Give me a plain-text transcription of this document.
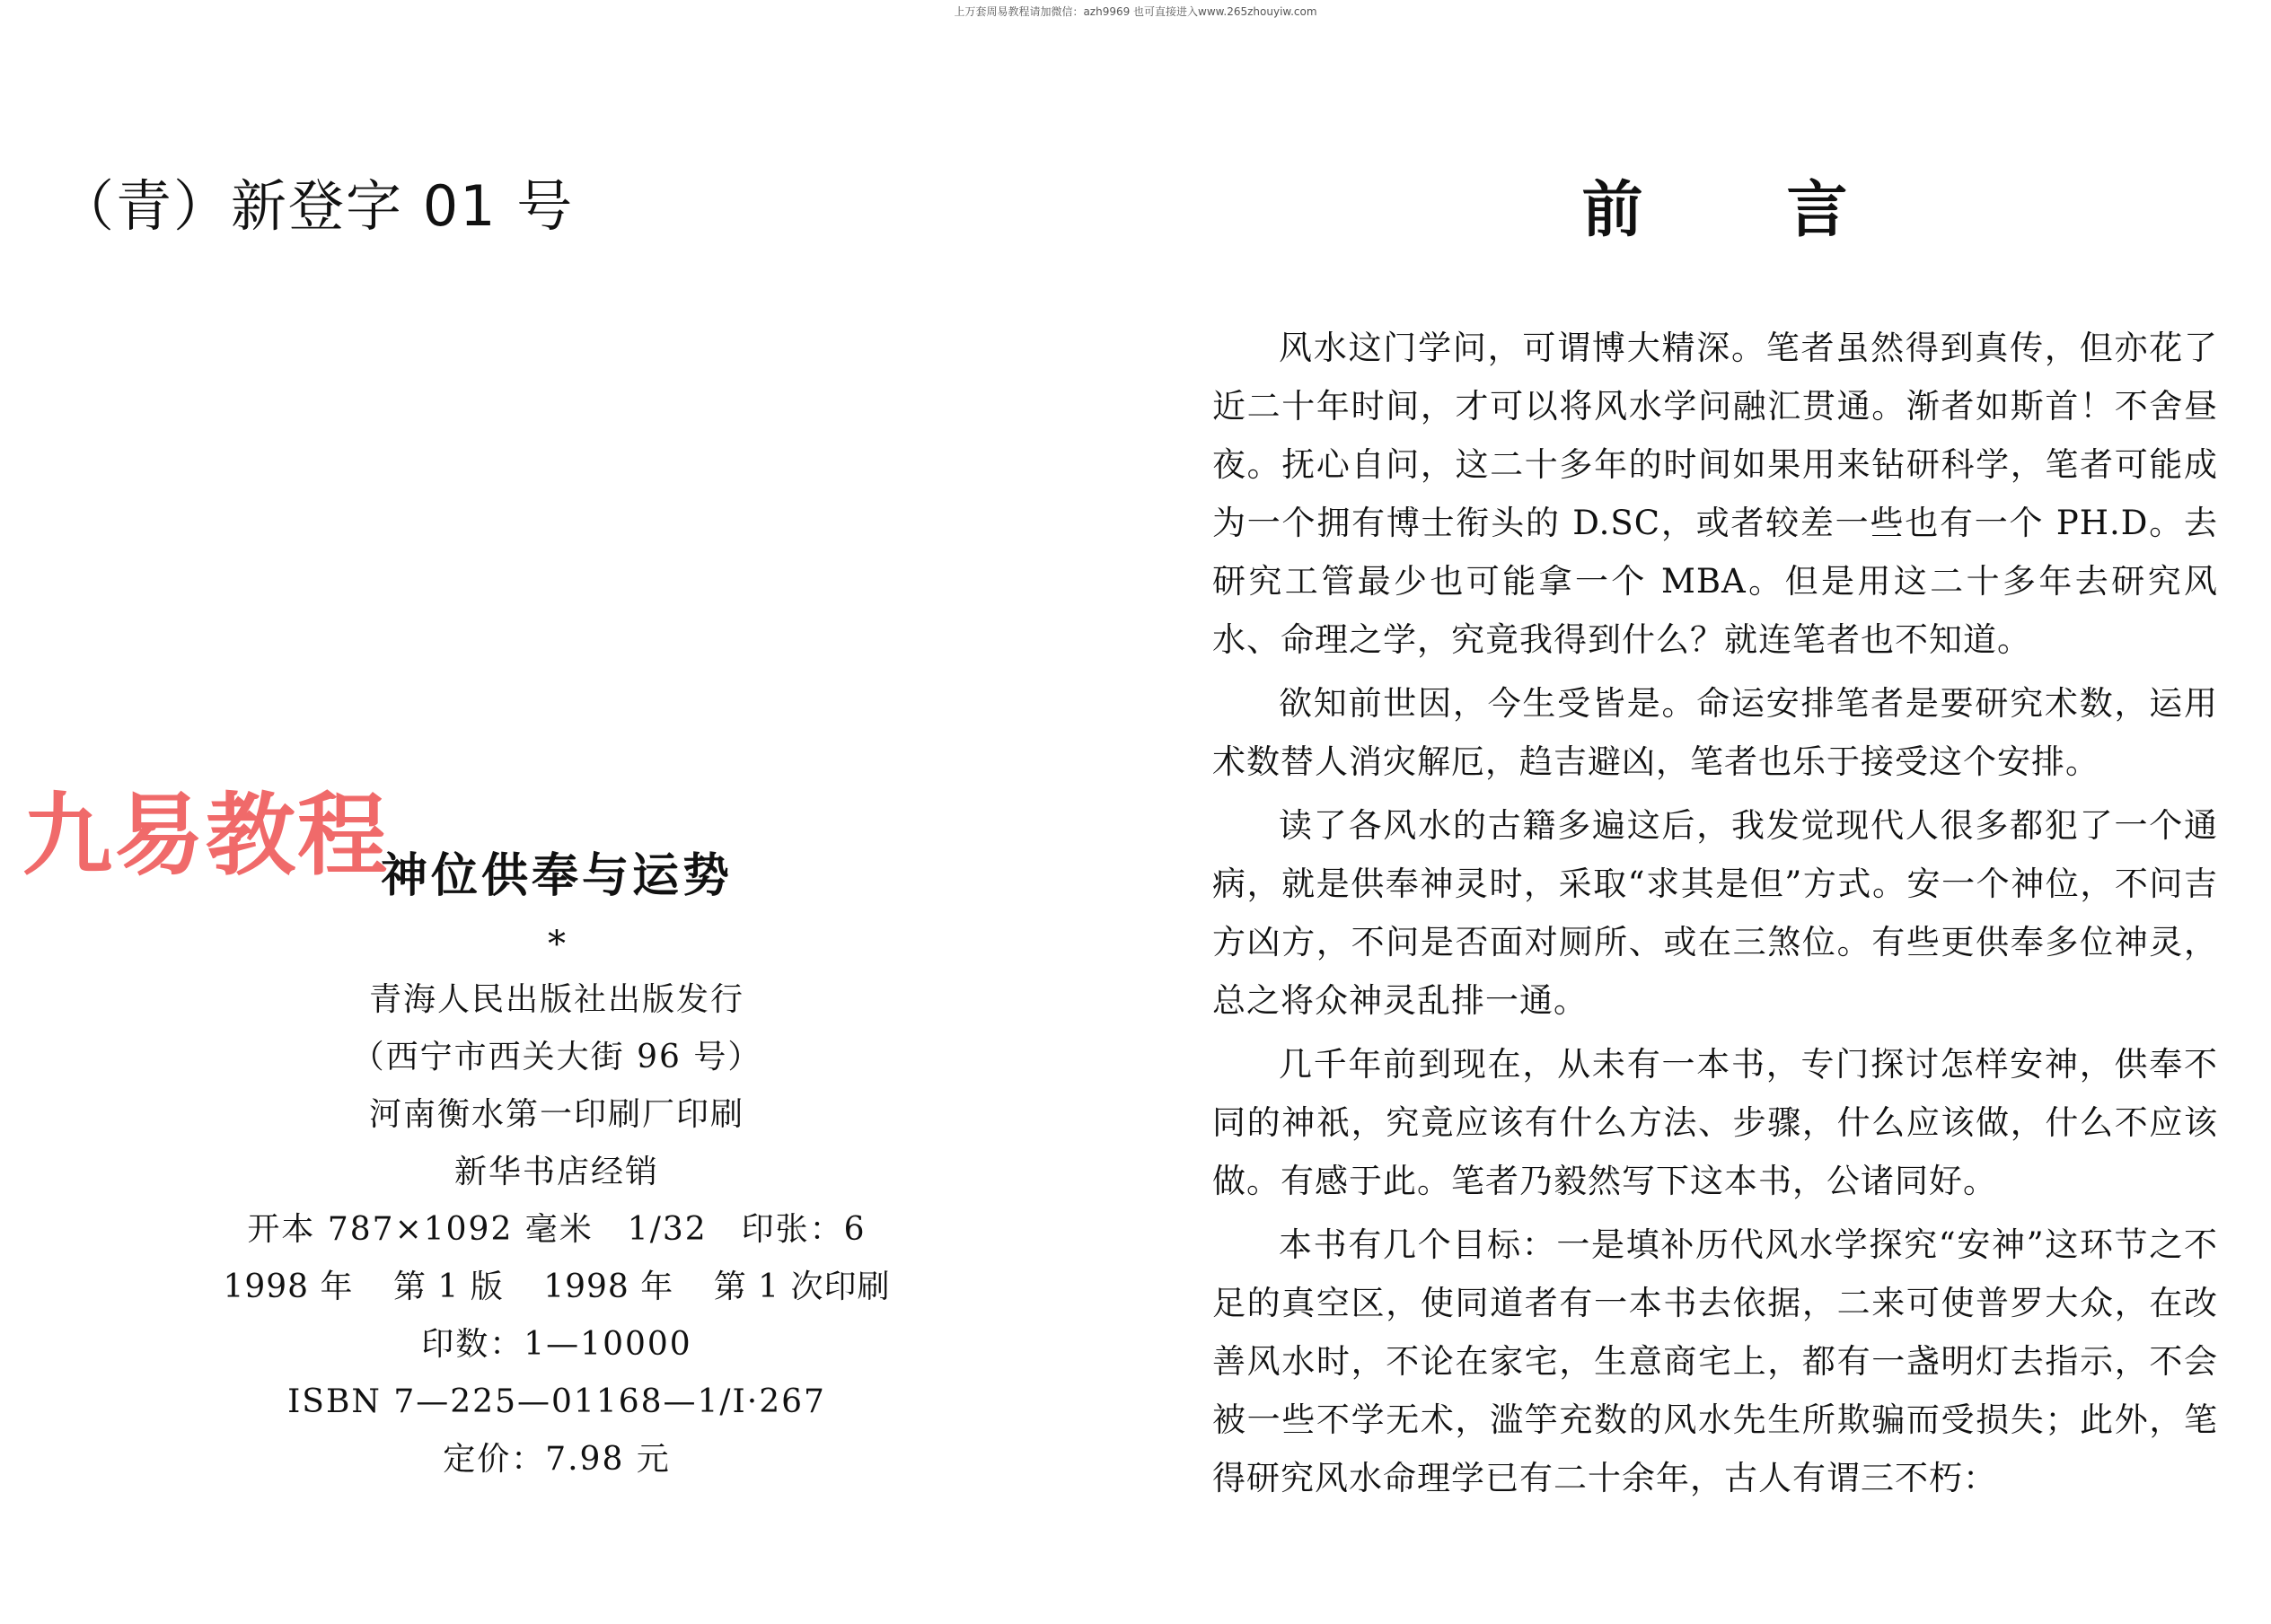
上万套周易教程请加微信：azh9969 也可直接进入www.265zhouyiw.com
（青）新登字 01 号
九易教程
神位供奉与运势
*
青海人民出版社出版发行
（西宁市西关大街 96 号）
河南衡水第一印刷厂印刷
新华书店经销
开本 787×1092 毫米　1/32　印张：6
1998 年 第 1 版 1998 年 第 1 次印刷
印数：1—10000
ISBN 7—225—01168—1/I·267
定价：7.98 元
前言

风水这门学问，可谓博大精深。笔者虽然得到真传，但亦花了近二十年时间，才可以将风水学问融汇贯通。渐者如斯首！不舍昼夜。抚心自问，这二十多年的时间如果用来钻研科学，笔者可能成为一个拥有博士衔头的 D.SC，或者较差一些也有一个 PH.D。去研究工管最少也可能拿一个 MBA。但是用这二十多年去研究风水、命理之学，究竟我得到什么？就连笔者也不知道。

欲知前世因，今生受皆是。命运安排笔者是要研究术数，运用术数替人消灾解厄，趋吉避凶，笔者也乐于接受这个安排。

读了各风水的古籍多遍这后，我发觉现代人很多都犯了一个通病，就是供奉神灵时，采取“求其是但”方式。安一个神位，不问吉方凶方，不问是否面对厕所、或在三煞位。有些更供奉多位神灵，总之将众神灵乱排一通。

几千年前到现在，从未有一本书，专门探讨怎样安神，供奉不同的神祇，究竟应该有什么方法、步骤，什么应该做，什么不应该做。有感于此。笔者乃毅然写下这本书，公诸同好。

本书有几个目标：一是填补历代风水学探究“安神”这环节之不足的真空区，使同道者有一本书去依据，二来可使普罗大众，在改善风水时，不论在家宅，生意商宅上，都有一盏明灯去指示，不会被一些不学无术，滥竽充数的风水先生所欺骗而受损失；此外，笔得研究风水命理学已有二十余年，古人有谓三不朽：
